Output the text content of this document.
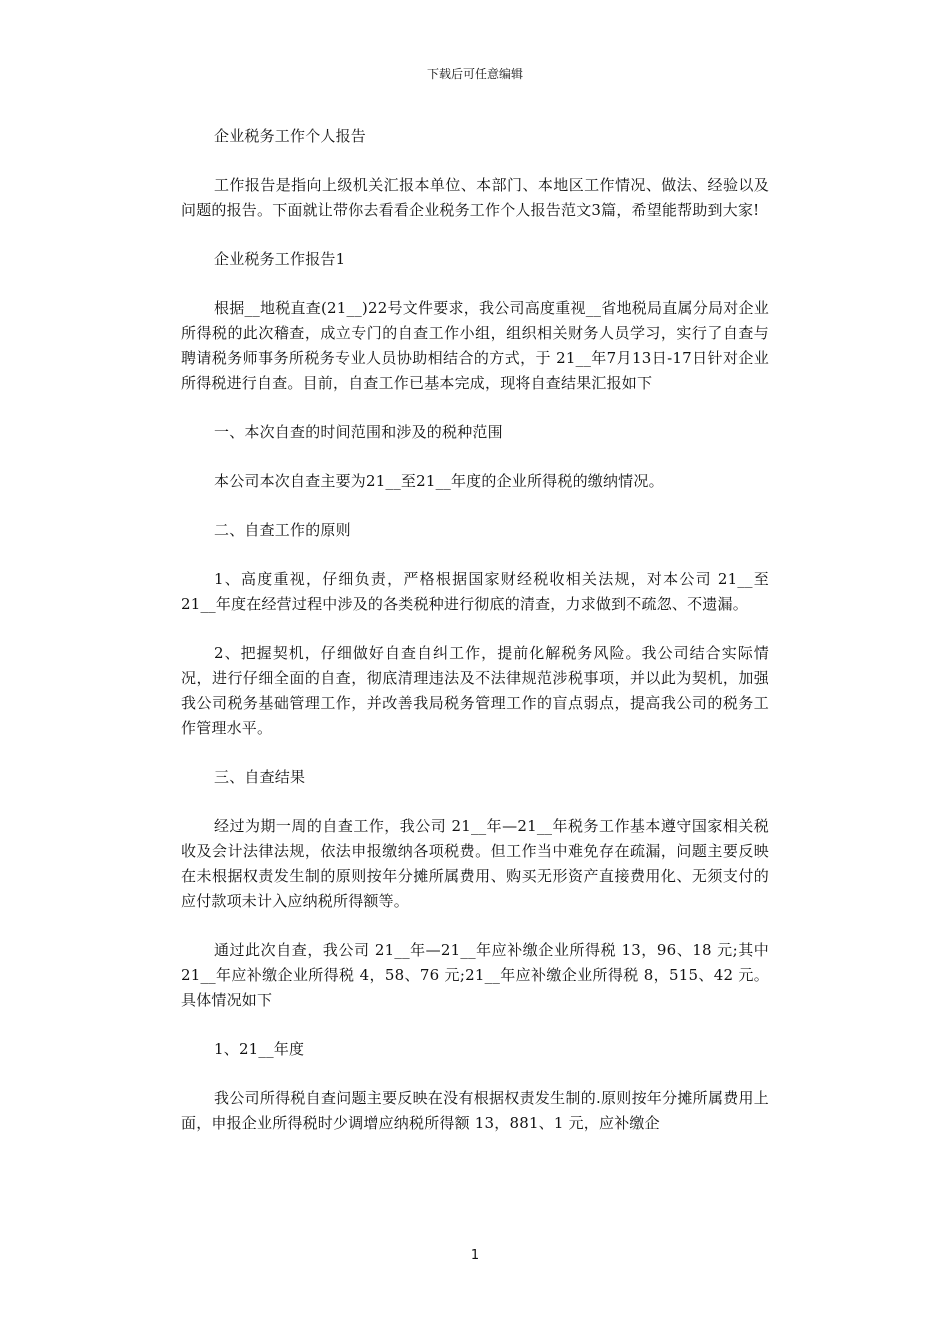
下载后可任意编辑

企业税务工作个人报告

工作报告是指向上级机关汇报本单位、本部门、本地区工作情况、做法、经验以及问题的报告。下面就让带你去看看企业税务工作个人报告范文3篇，希望能帮助到大家!

企业税务工作报告1

根据__地税直查(21__)22号文件要求，我公司高度重视__省地税局直属分局对企业所得税的此次稽查，成立专门的自查工作小组，组织相关财务人员学习，实行了自查与聘请税务师事务所税务专业人员协助相结合的方式，于 21__年7月13日-17日针对企业所得税进行自查。目前，自查工作已基本完成，现将自查结果汇报如下

一、本次自查的时间范围和涉及的税种范围

本公司本次自查主要为21__至21__年度的企业所得税的缴纳情况。

二、自查工作的原则

1、高度重视，仔细负责，严格根据国家财经税收相关法规，对本公司 21__至21__年度在经营过程中涉及的各类税种进行彻底的清查，力求做到不疏忽、不遗漏。

2、把握契机，仔细做好自查自纠工作，提前化解税务风险。我公司结合实际情况，进行仔细全面的自查，彻底清理违法及不法律规范涉税事项，并以此为契机，加强我公司税务基础管理工作，并改善我局税务管理工作的盲点弱点，提高我公司的税务工作管理水平。

三、自查结果

经过为期一周的自查工作，我公司 21__年—21__年税务工作基本遵守国家相关税收及会计法律法规，依法申报缴纳各项税费。但工作当中难免存在疏漏，问题主要反映在未根据权责发生制的原则按年分摊所属费用、购买无形资产直接费用化、无须支付的应付款项未计入应纳税所得额等。

通过此次自查，我公司 21__年—21__年应补缴企业所得税 13，96、18 元;其中 21__年应补缴企业所得税 4，58、76 元;21__年应补缴企业所得税 8，515、42 元。具体情况如下

1、21__年度

我公司所得税自查问题主要反映在没有根据权责发生制的.原则按年分摊所属费用上面，申报企业所得税时少调增应纳税所得额 13，881、1 元，应补缴企

1
